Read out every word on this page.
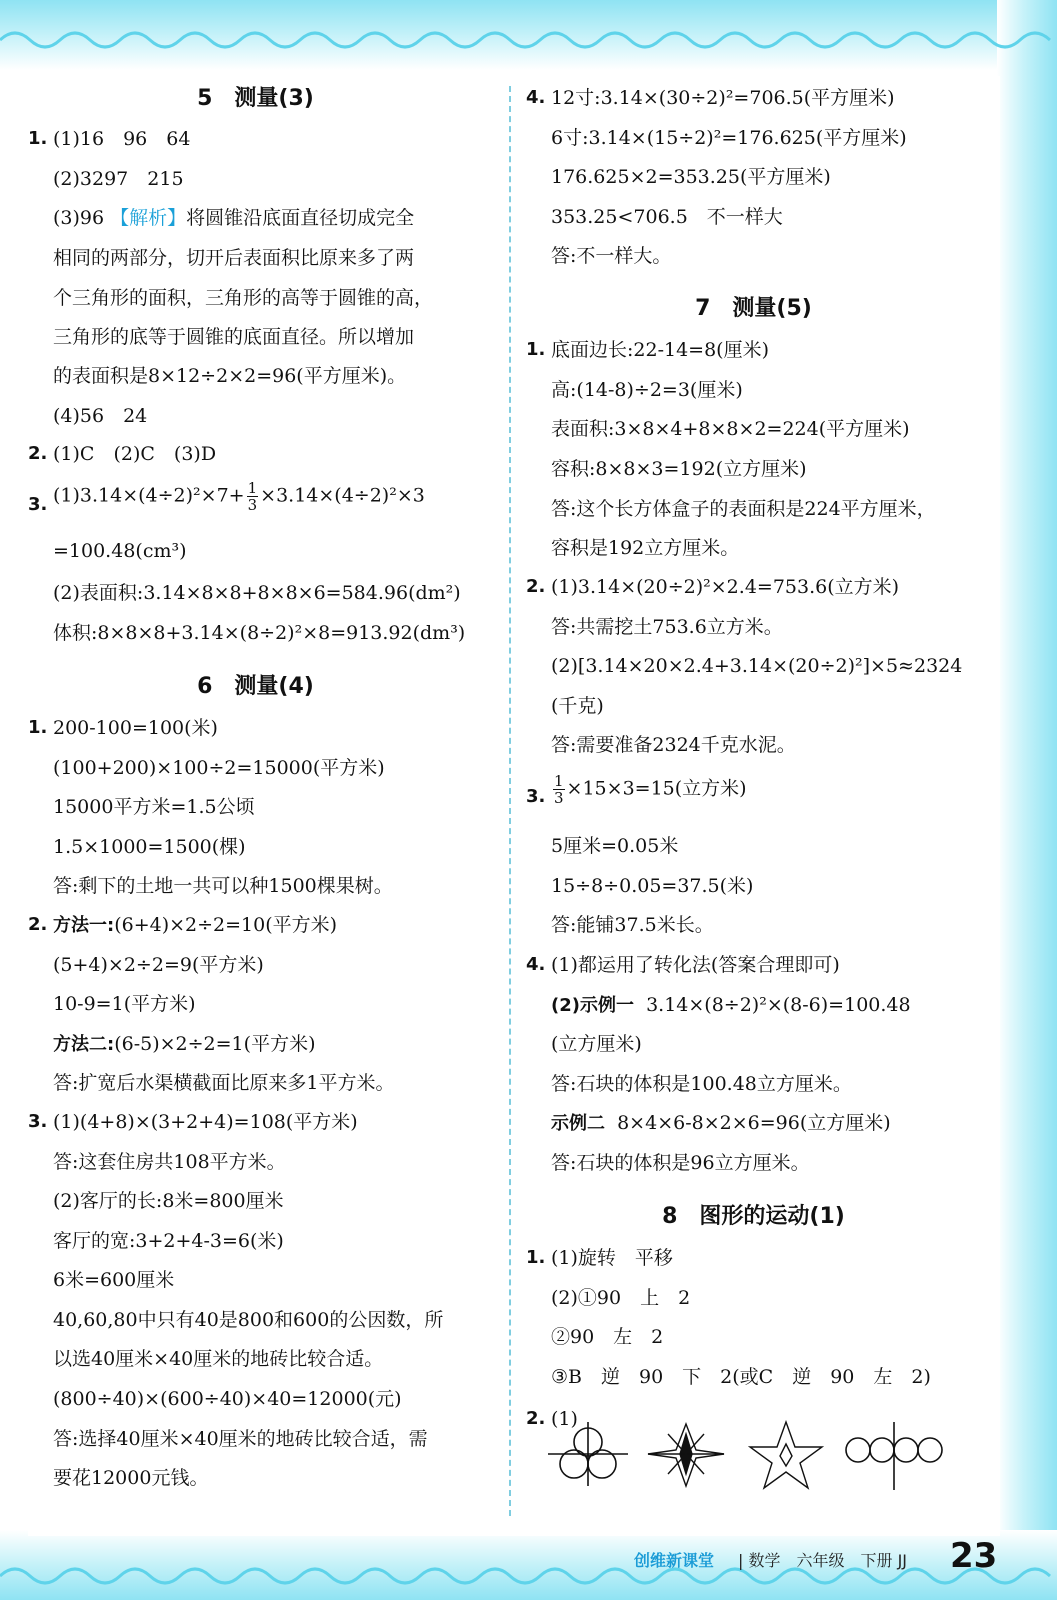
5　测量(3)
1. (1)16　96　64
(2)3297　215
(3)96 【解析】将圆锥沿底面直径切成完全
相同的两部分，切开后表面积比原来多了两
个三角形的面积，三角形的高等于圆锥的高，
三角形的底等于圆锥的底面直径。所以增加
的表面积是8×12÷2×2=96(平方厘米)。
(4)56　24
2. (1)C　(2)C　(3)D
3. $(1)3.14\times(4\div 2)^2\times 7+ \frac{1}{3} \times 3.14\times(4\div 2)^2\times 3$
=100.48(cm³)
(2)表面积:3.14×8×8+8×8×6=584.96(dm²)
体积:8×8×8+3.14×(8÷2)²×8=913.92(dm³)
6　测量(4)
1. 200-100=100(米)
(100+200)×100÷2=15000(平方米)
15000平方米=1.5公顷
1.5×1000=1500(棵)
答:剩下的土地一共可以种1500棵果树。
2. 方法一:(6+4)×2÷2=10(平方米)
(5+4)×2÷2=9(平方米)
10-9=1(平方米)
方法二:(6-5)×2÷2=1(平方米)
答:扩宽后水渠横截面比原来多1平方米。
3. (1)(4+8)×(3+2+4)=108(平方米)
答:这套住房共108平方米。
(2)客厅的长:8米=800厘米
客厅的宽:3+2+4-3=6(米)
6米=600厘米
40,60,80中只有40是800和600的公因数，所
以选40厘米×40厘米的地砖比较合适。
(800÷40)×(600÷40)×40=12000(元)
答:选择40厘米×40厘米的地砖比较合适，需
要花12000元钱。
4. 12寸:3.14×(30÷2)²=706.5(平方厘米)
6寸:3.14×(15÷2)²=176.625(平方厘米)
176.625×2=353.25(平方厘米)
353.25<706.5　不一样大
答:不一样大。
7　测量(5)
1. 底面边长:22-14=8(厘米)
高:(14-8)÷2=3(厘米)
表面积:3×8×4+8×8×2=224(平方厘米)
容积:8×8×3=192(立方厘米)
答:这个长方体盒子的表面积是224平方厘米，
容积是192立方厘米。
2. (1)3.14×(20÷2)²×2.4=753.6(立方米)
答:共需挖土753.6立方米。
(2)[3.14×20×2.4+3.14×(20÷2)²]×5≈2324
(千克)
答:需要准备2324千克水泥。
3. $\frac{1}{3} \times 15\times 3=15$(立方米)
5厘米=0.05米
15÷8÷0.05=37.5(米)
答:能铺37.5米长。
4. (1)都运用了转化法(答案合理即可)
(2)示例一 3.14×(8÷2)²×(8-6)=100.48
(立方厘米)
答:石块的体积是100.48立方厘米。
示例二 8×4×6-8×2×6=96(立方厘米)
答:石块的体积是96立方厘米。
8　图形的运动(1)
1. (1)旋转　平移
(2)①90　上　2
②90　左　2
③B　逆　90　下　2(或C　逆　90　左　2)
2. (1)
创维新课堂 | 数学　六年级　下册 JJ 23
